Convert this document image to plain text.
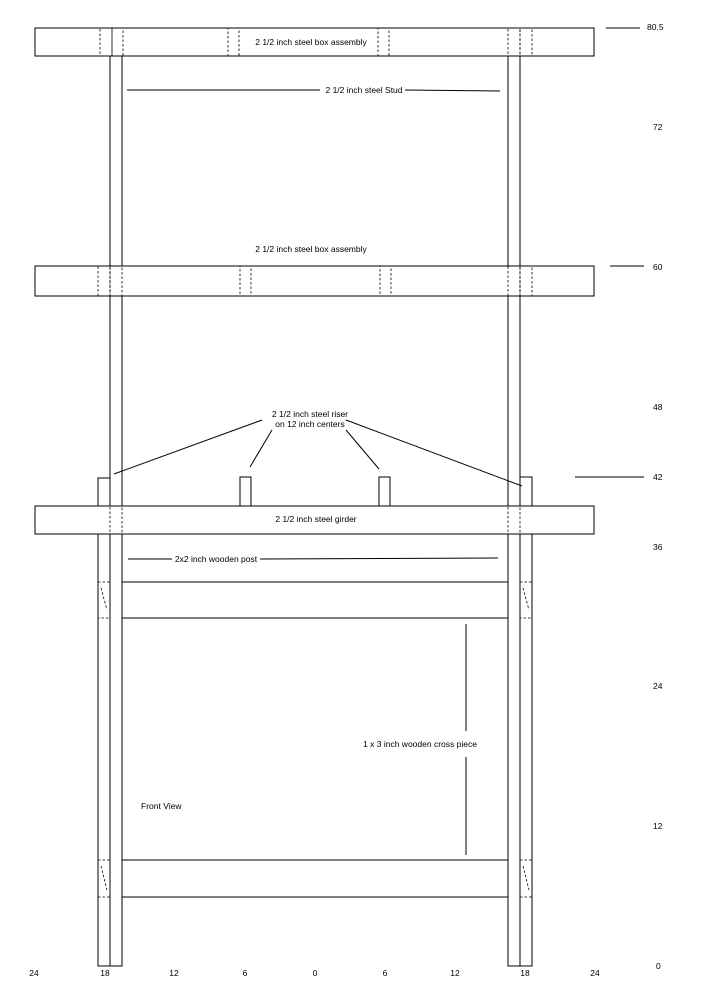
2 1/2 inch steel box assembly
2 1/2 inch steel Stud
2 1/2 inch steel box assembly
2 1/2 inch steel riser
on 12 inch centers
2 1/2 inch steel girder
2x2 inch wooden post
1 x 3 inch wooden cross piece
Front View
80.5
72
60
48
42
36
24
12
0
24	18	12	6	0	6	12	18	24
